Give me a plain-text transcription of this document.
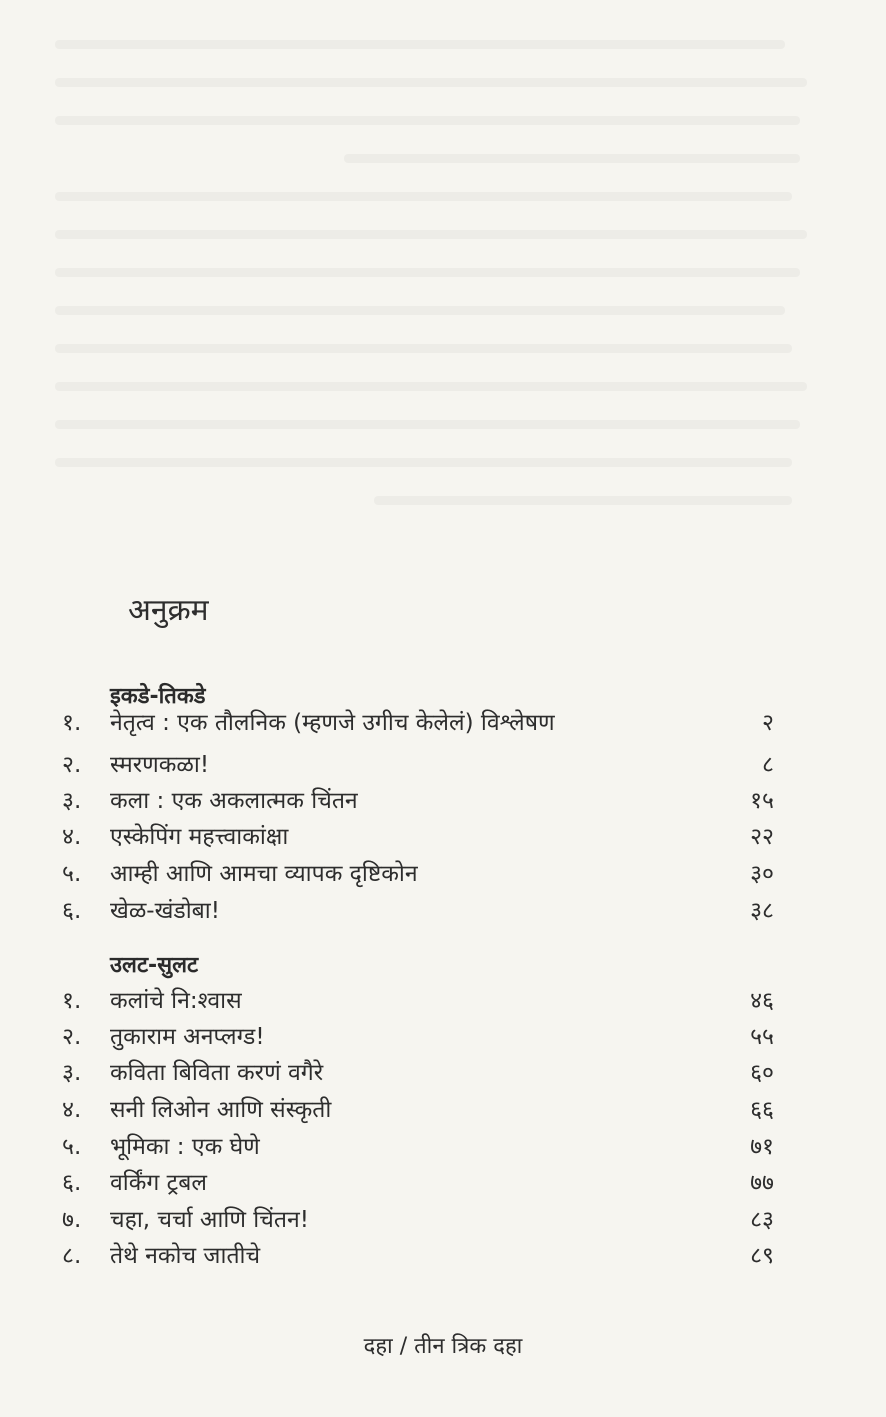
अनुक्रम
इकडे-तिकडे
१.	नेतृत्व : एक तौलनिक (म्हणजे उगीच केलेलं) विश्लेषण	२
२.	स्मरणकळा!	८
३.	कला : एक अकलात्मक चिंतन	१५
४.	एस्केपिंग महत्त्वाकांक्षा	२२
५.	आम्ही आणि आमचा व्यापक दृष्टिकोन	३०
६.	खेळ-खंडोबा!	३८
उलट-सुलट
१.	कलांचे नि:श्वास	४६
२.	तुकाराम अनप्लग्ड!	५५
३.	कविता बिविता करणं वगैरे	६०
४.	सनी लिओन आणि संस्कृती	६६
५.	भूमिका : एक घेणे	७१
६.	वर्किंग ट्रबल	७७
७.	चहा, चर्चा आणि चिंतन!	८३
८.	तेथे नकोच जातीचे	८९
दहा / तीन त्रिक दहा
